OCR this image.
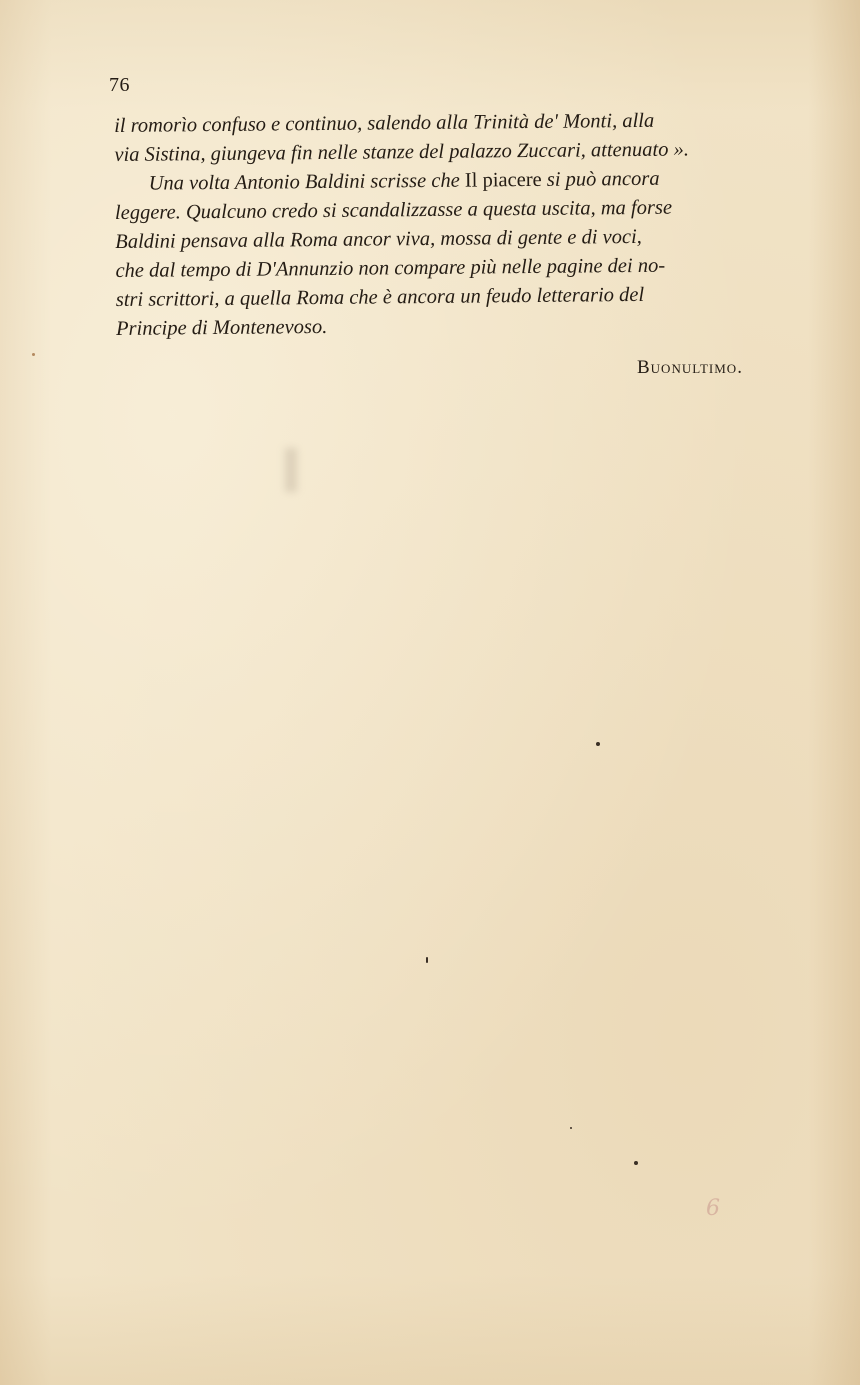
76
il romorìo confuso e continuo, salendo alla Trinità de' Monti, alla
via Sistina, giungeva fin nelle stanze del palazzo Zuccari, attenuato ».
Una volta Antonio Baldini scrisse che Il piacere si può ancora
leggere. Qualcuno credo si scandalizzasse a questa uscita, ma forse
Baldini pensava alla Roma ancor viva, mossa di gente e di voci,
che dal tempo di D'Annunzio non compare più nelle pagine dei no-
stri scrittori, a quella Roma che è ancora un feudo letterario del
Principe di Montenevoso.
Buonultimo.
6
